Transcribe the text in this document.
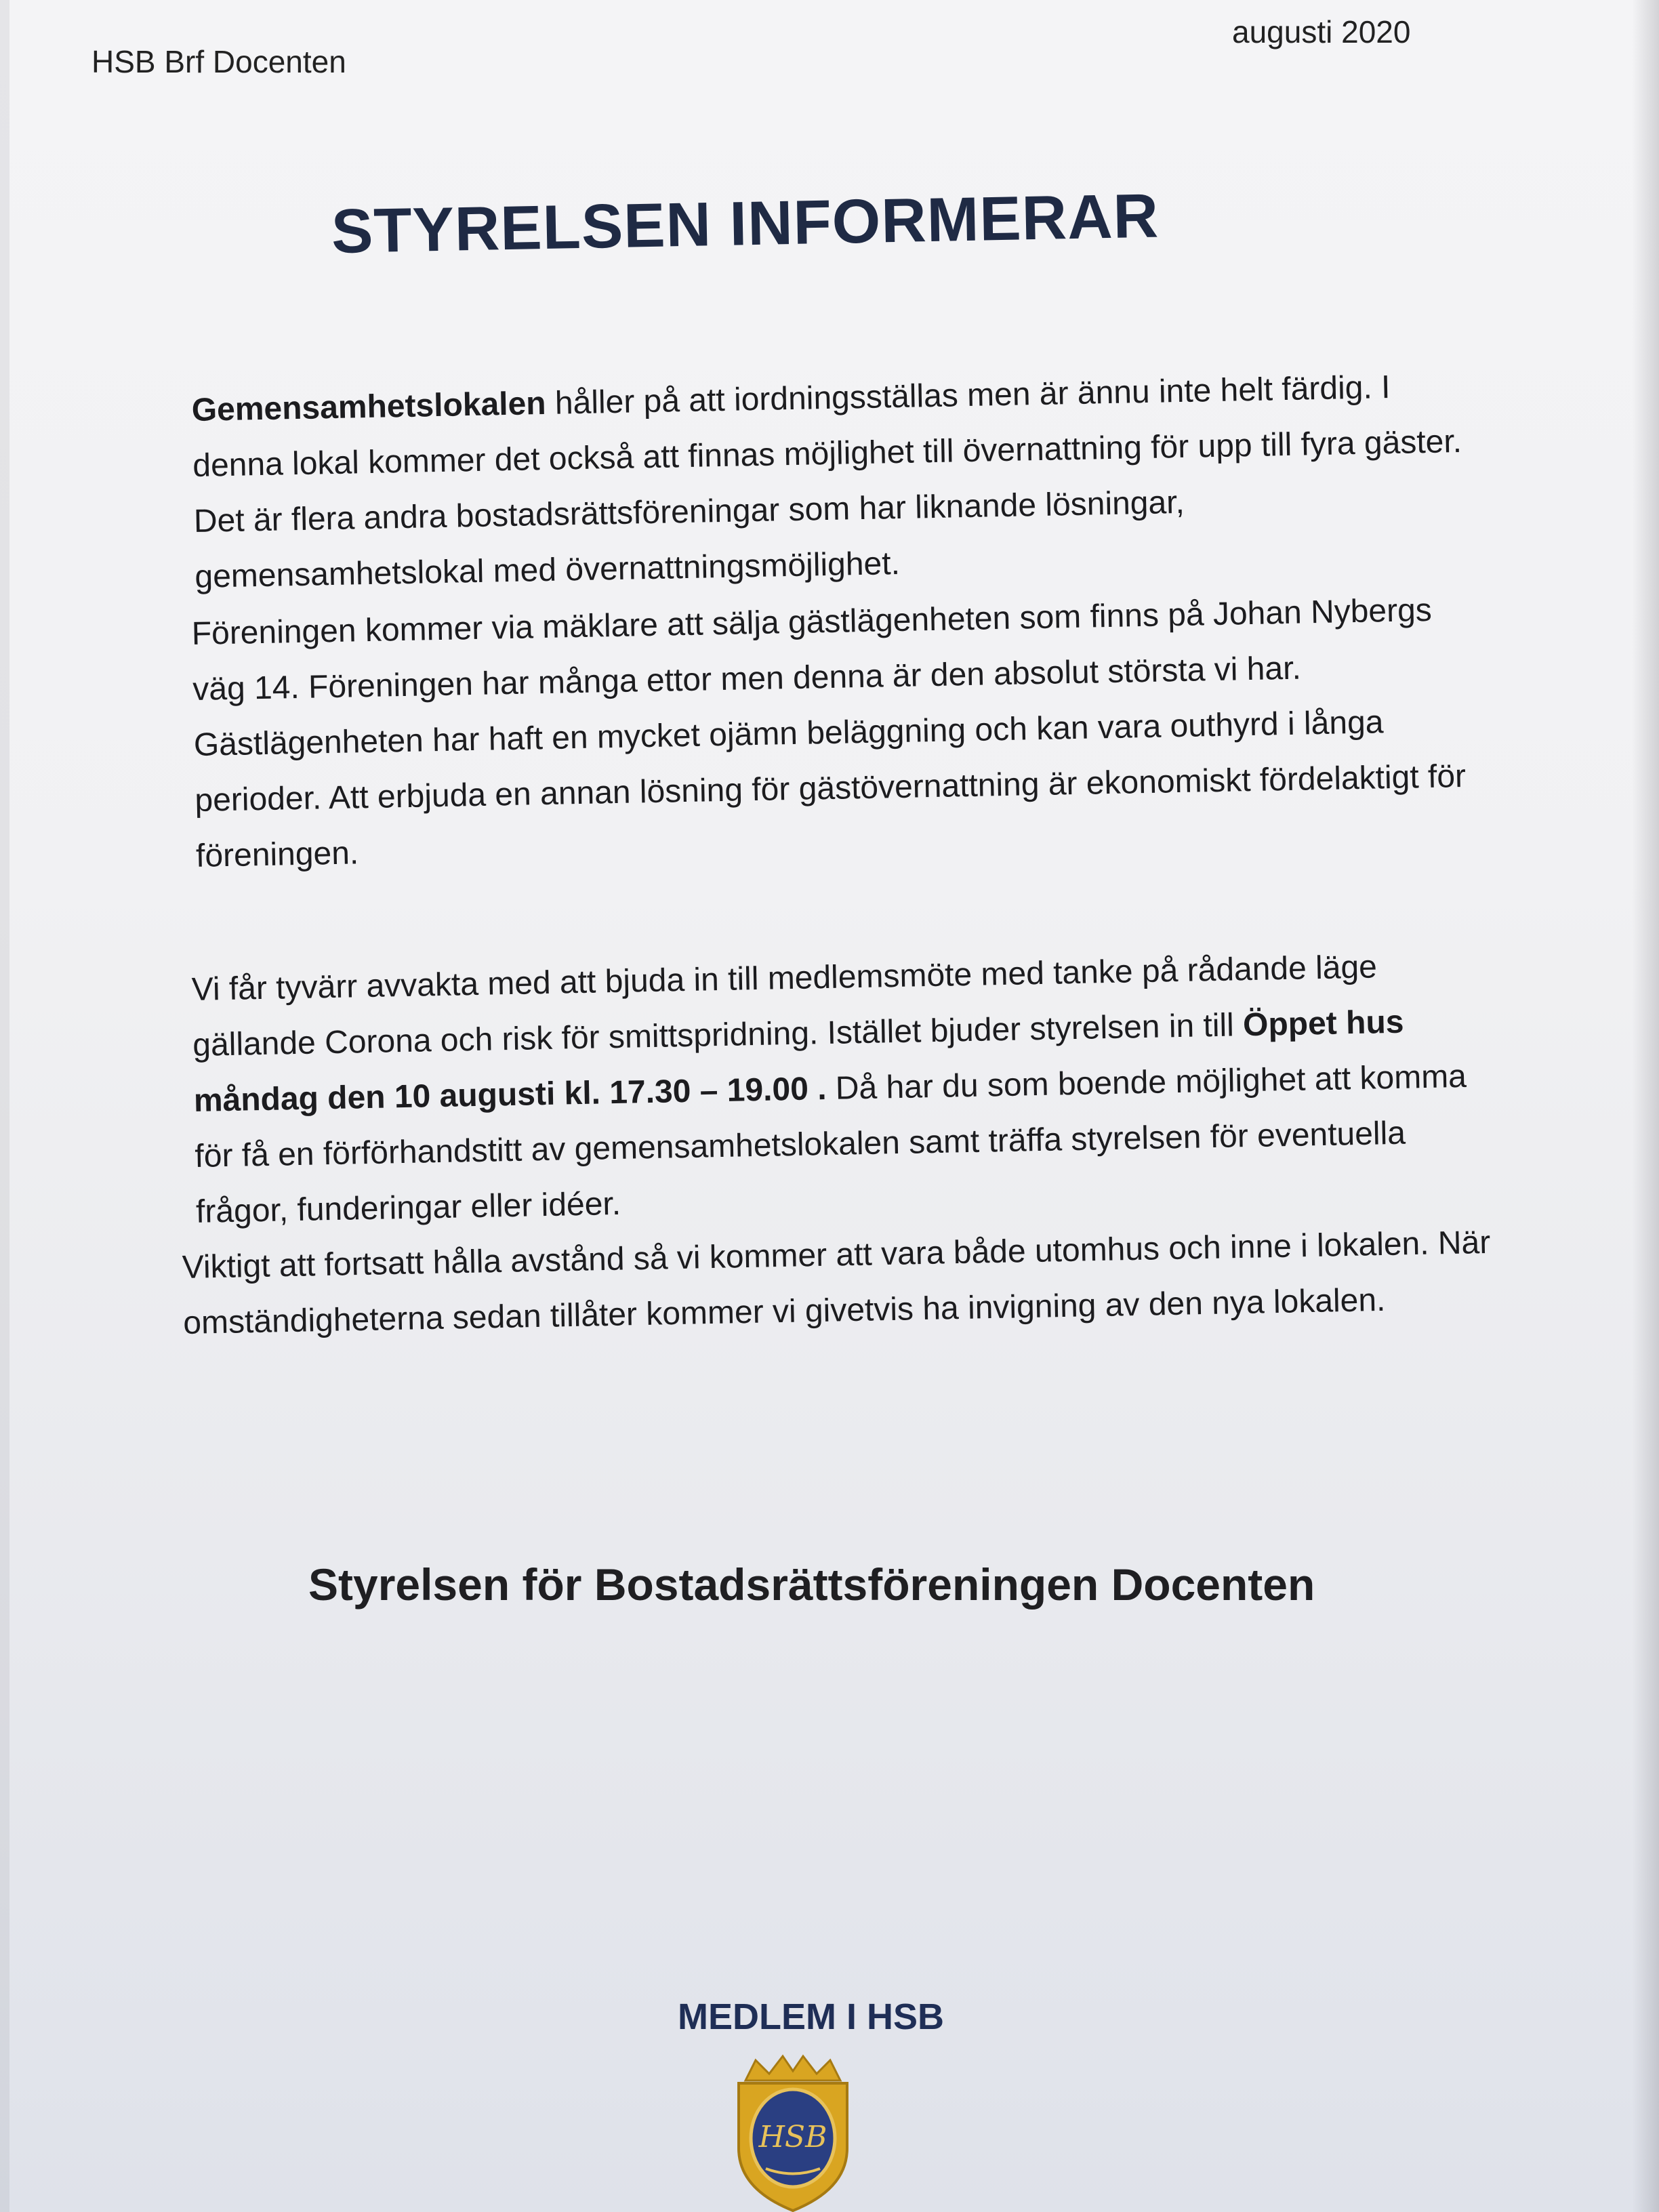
HSB Brf Docenten
augusti 2020
STYRELSEN INFORMERAR
Gemensamhetslokalen håller på att iordningsställas men är ännu inte helt färdig. I denna lokal kommer det också att finnas möjlighet till övernattning för upp till fyra gäster. Det är flera andra bostadsrättsföreningar som har liknande lösningar, gemensamhetslokal med övernattningsmöjlighet.
Föreningen kommer via mäklare att sälja gästlägenheten som finns på Johan Nybergs väg 14. Föreningen har många ettor men denna är den absolut största vi har. Gästlägenheten har haft en mycket ojämn beläggning och kan vara outhyrd i långa perioder. Att erbjuda en annan lösning för gästövernattning är ekonomiskt fördelaktigt för föreningen.
Vi får tyvärr avvakta med att bjuda in till medlemsmöte med tanke på rådande läge gällande Corona och risk för smittspridning. Istället bjuder styrelsen in till Öppet hus måndag den 10 augusti kl. 17.30 – 19.00 . Då har du som boende möjlighet att komma för få en förförhandstitt av gemensamhetslokalen samt träffa styrelsen för eventuella frågor, funderingar eller idéer.
Viktigt att fortsatt hålla avstånd så vi kommer att vara både utomhus och inne i lokalen. När omständigheterna sedan tillåter kommer vi givetvis ha invigning av den nya lokalen.
Styrelsen för Bostadsrättsföreningen Docenten
MEDLEM I HSB
HSB
